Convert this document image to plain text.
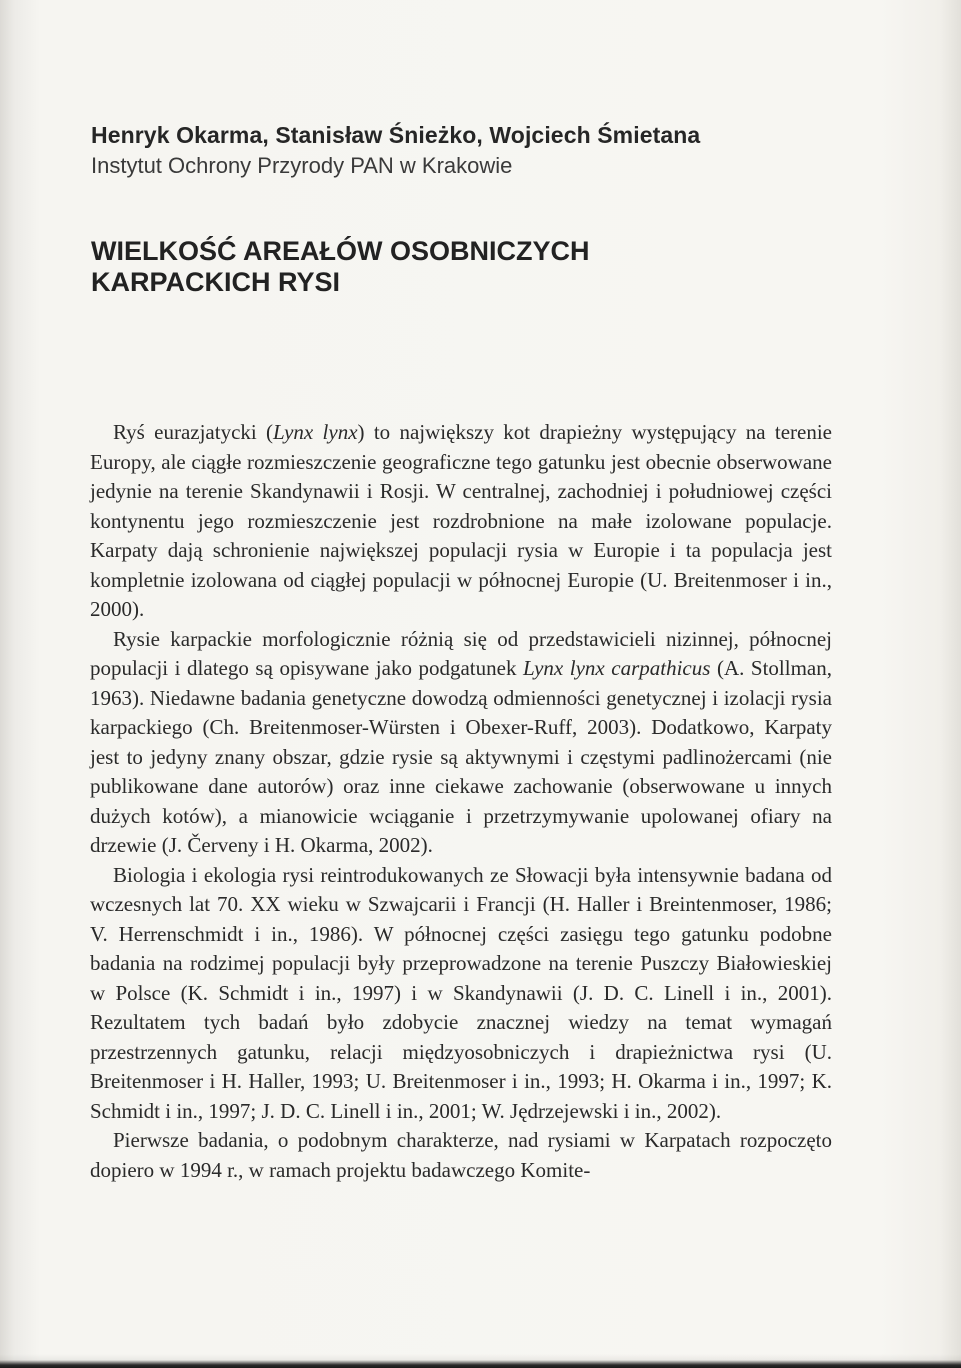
Henryk Okarma, Stanisław Śnieżko, Wojciech Śmietana
Instytut Ochrony Przyrody PAN w Krakowie
WIELKOŚĆ AREAŁÓW OSOBNICZYCH
KARPACKICH RYSI

Ryś eurazjatycki (Lynx lynx) to największy kot drapieżny występujący na terenie Europy, ale ciągłe rozmieszczenie geograficzne tego gatunku jest obecnie obserwowane jedynie na terenie Skandynawii i Rosji. W centralnej, zachodniej i południowej części kontynentu jego rozmieszczenie jest rozdrobnione na małe izolowane populacje. Karpaty dają schronienie największej populacji rysia w Europie i ta populacja jest kompletnie izolowana od ciągłej populacji w północnej Europie (U. Breitenmoser i in., 2000).

Rysie karpackie morfologicznie różnią się od przedstawicieli nizinnej, północnej populacji i dlatego są opisywane jako podgatunek Lynx lynx carpathicus (A. Stollman, 1963). Niedawne badania genetyczne dowodzą odmienności genetycznej i izolacji rysia karpackiego (Ch. Breitenmoser-Würsten i Obexer-Ruff, 2003). Dodatkowo, Karpaty jest to jedyny znany obszar, gdzie rysie są aktywnymi i częstymi padlinożercami (nie publikowane dane autorów) oraz inne ciekawe zachowanie (obserwowane u innych dużych kotów), a mianowicie wciąganie i przetrzymywanie upolowanej ofiary na drzewie (J. Červeny i H. Okarma, 2002).

Biologia i ekologia rysi reintrodukowanych ze Słowacji była intensywnie badana od wczesnych lat 70. XX wieku w Szwajcarii i Francji (H. Haller i Breintenmoser, 1986; V. Herrenschmidt i in., 1986). W północnej części zasięgu tego gatunku podobne badania na rodzimej populacji były przeprowadzone na terenie Puszczy Białowieskiej w Polsce (K. Schmidt i in., 1997) i w Skandynawii (J. D. C. Linell i in., 2001). Rezultatem tych badań było zdobycie znacznej wiedzy na temat wymagań przestrzennych gatunku, relacji międzyosobniczych i drapieżnictwa rysi (U. Breitenmoser i H. Haller, 1993; U. Breitenmoser i in., 1993; H. Okarma i in., 1997; K. Schmidt i in., 1997; J. D. C. Linell i in., 2001; W. Jędrzejewski i in., 2002).

Pierwsze badania, o podobnym charakterze, nad rysiami w Karpatach rozpoczęto dopiero w 1994 r., w ramach projektu badawczego Komite-
